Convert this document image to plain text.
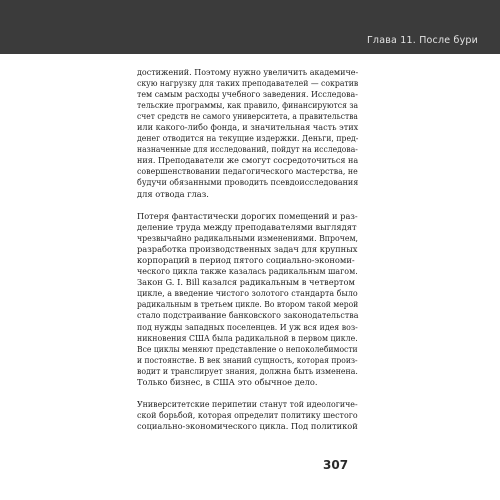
Глава 11. После бури
достижений. Поэтому нужно увеличить академиче-
скую нагрузку для таких преподавателей — сократив
тем самым расходы учебного заведения. Исследова-
тельские программы, как правило, финансируются за
счет средств не самого университета, а правительства
или какого-либо фонда, и значительная часть этих
денег отводится на текущие издержки. Деньги, пред-
назначенные для исследований, пойдут на исследова-
ния. Преподаватели же смогут сосредоточиться на
совершенствовании педагогического мастерства, не
будучи обязанными проводить псевдоисследования
для отвода глаз.
Потеря фантастически дорогих помещений и раз-
деление труда между преподавателями выглядят
чрезвычайно радикальными изменениями. Впрочем,
разработка производственных задач для крупных
корпораций в период пятого социально-экономи-
ческого цикла также казалась радикальным шагом.
Закон G. I. Bill казался радикальным в четвертом
цикле, а введение чистого золотого стандарта было
радикальным в третьем цикле. Во втором такой мерой
стало подстраивание банковского законодательства
под нужды западных поселенцев. И уж вся идея воз-
никновения США была радикальной в первом цикле.
Все циклы меняют представление о непоколебимости
и постоянстве. В век знаний сущность, которая произ-
водит и транслирует знания, должна быть изменена.
Только бизнес, в США это обычное дело.
Университетские перипетии станут той идеологиче-
ской борьбой, которая определит политику шестого
социально-экономического цикла. Под политикой
307
